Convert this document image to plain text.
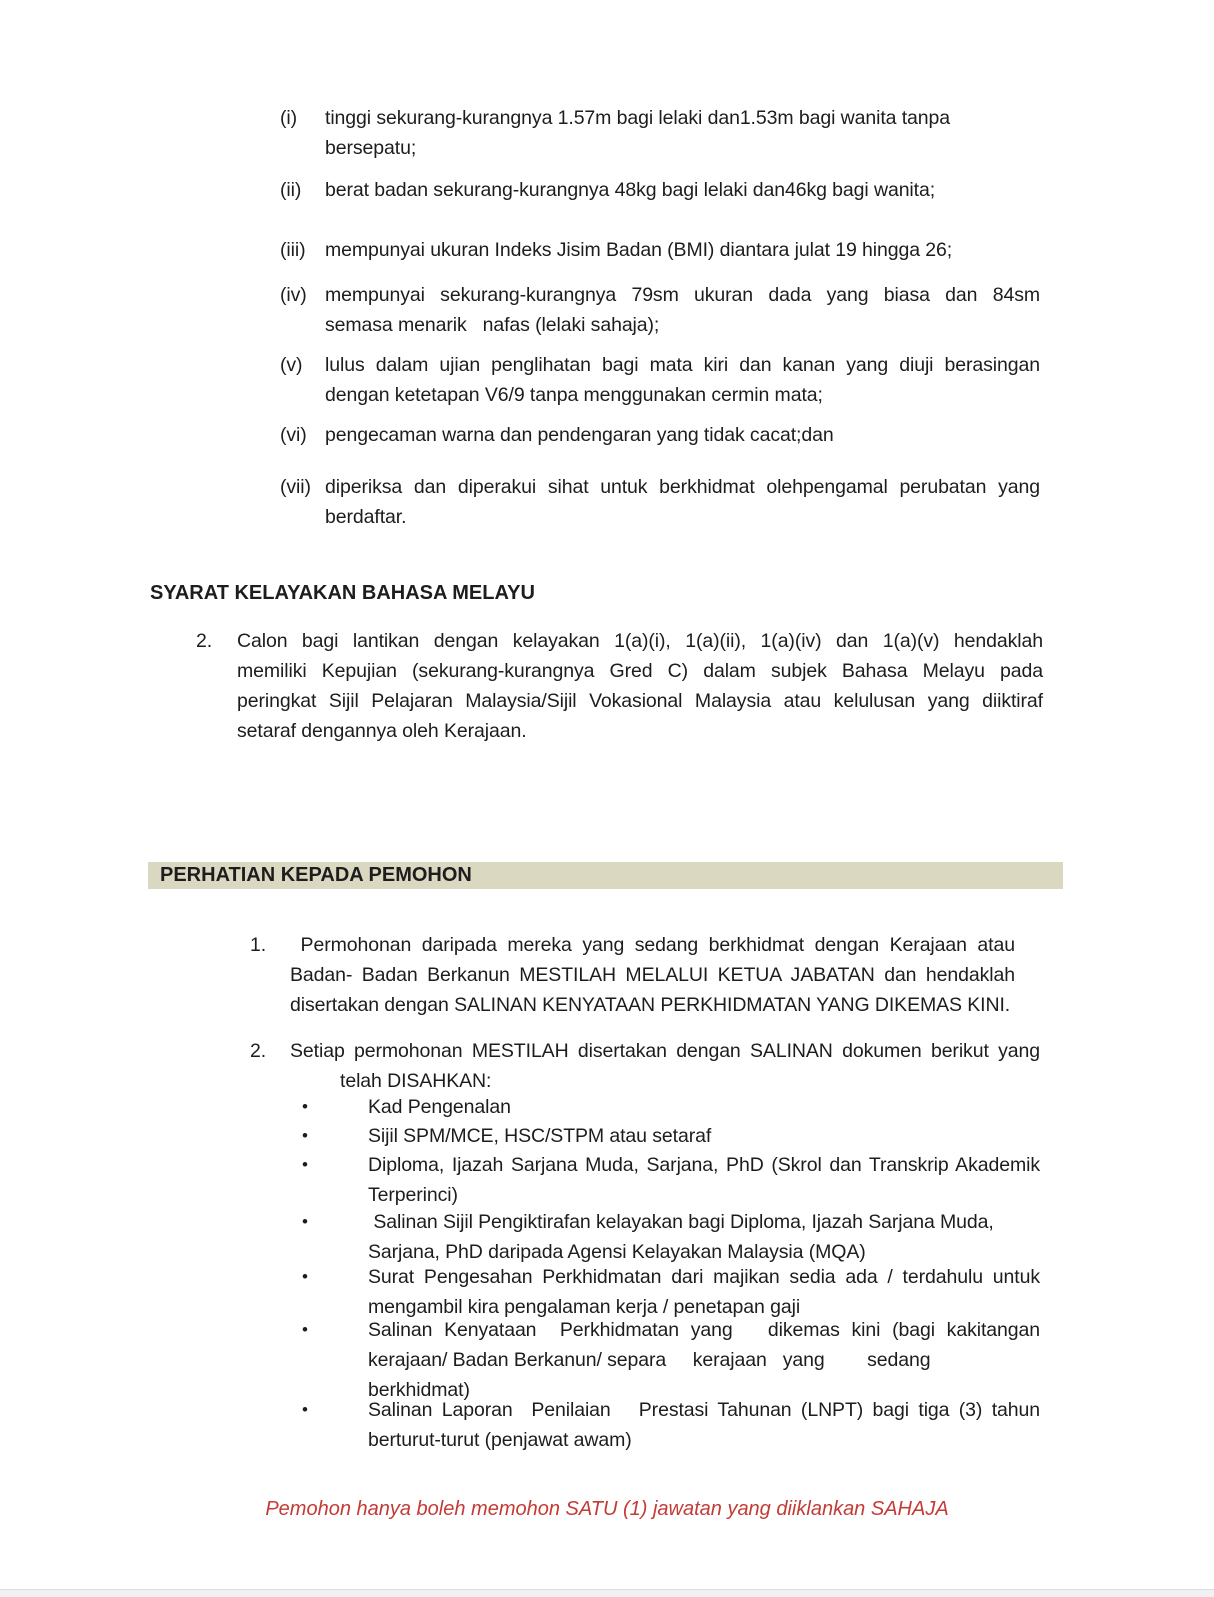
(i)	tinggi sekurang-kurangnya 1.57m bagi lelaki dan1.53m bagi wanita tanpa
bersepatu;
(ii)	berat badan sekurang-kurangnya 48kg bagi lelaki dan46kg bagi wanita;
(iii)	mempunyai ukuran Indeks Jisim Badan (BMI) diantara julat 19 hingga 26;
(iv) mempunyai sekurang-kurangnya 79sm ukuran dada yang biasa dan 84sm
semasa menarik   nafas (lelaki sahaja);
(v)	lulus dalam ujian penglihatan bagi mata kiri dan kanan yang diuji berasingan
dengan ketetapan V6/9 tanpa menggunakan cermin mata;
(vi) pengecaman warna dan pendengaran yang tidak cacat;dan
(vii) diperiksa dan diperakui sihat untuk berkhidmat olehpengamal perubatan yang
berdaftar.
SYARAT KELAYAKAN BAHASA MELAYU
2.	Calon bagi lantikan dengan kelayakan 1(a)(i), 1(a)(ii), 1(a)(iv) dan 1(a)(v) hendaklah
memiliki Kepujian (sekurang-kurangnya Gred C) dalam subjek Bahasa Melayu pada
peringkat Sijil Pelajaran Malaysia/Sijil Vokasional Malaysia atau kelulusan yang diiktiraf
setaraf dengannya oleh Kerajaan.
PERHATIAN KEPADA PEMOHON
1.	Permohonan daripada mereka yang sedang berkhidmat dengan Kerajaan atau
Badan- Badan Berkanun MESTILAH MELALUI KETUA JABATAN dan hendaklah
disertakan dengan SALINAN KENYATAAN PERKHIDMATAN YANG DIKEMAS KINI.
2.	Setiap permohonan MESTILAH disertakan dengan SALINAN dokumen berikut yang
telah DISAHKAN:
•	Kad Pengenalan
•	Sijil SPM/MCE, HSC/STPM atau setaraf
•	Diploma, Ijazah Sarjana Muda, Sarjana, PhD (Skrol dan Transkrip Akademik
Terperinci)
•	Salinan Sijil Pengiktirafan kelayakan bagi Diploma, Ijazah Sarjana Muda,
Sarjana, PhD daripada Agensi Kelayakan Malaysia (MQA)
•	Surat Pengesahan Perkhidmatan dari majikan sedia ada / terdahulu untuk
mengambil kira pengalaman kerja / penetapan gaji
•	Salinan Kenyataan  Perkhidmatan yang   dikemas kini (bagi kakitangan
kerajaan/ Badan Berkanun/ separa     kerajaan   yang        sedang
berkhidmat)
•	Salinan Laporan  Penilaian   Prestasi Tahunan (LNPT) bagi tiga (3) tahun
berturut-turut (penjawat awam)
Pemohon hanya boleh memohon SATU (1) jawatan yang diiklankan SAHAJA
